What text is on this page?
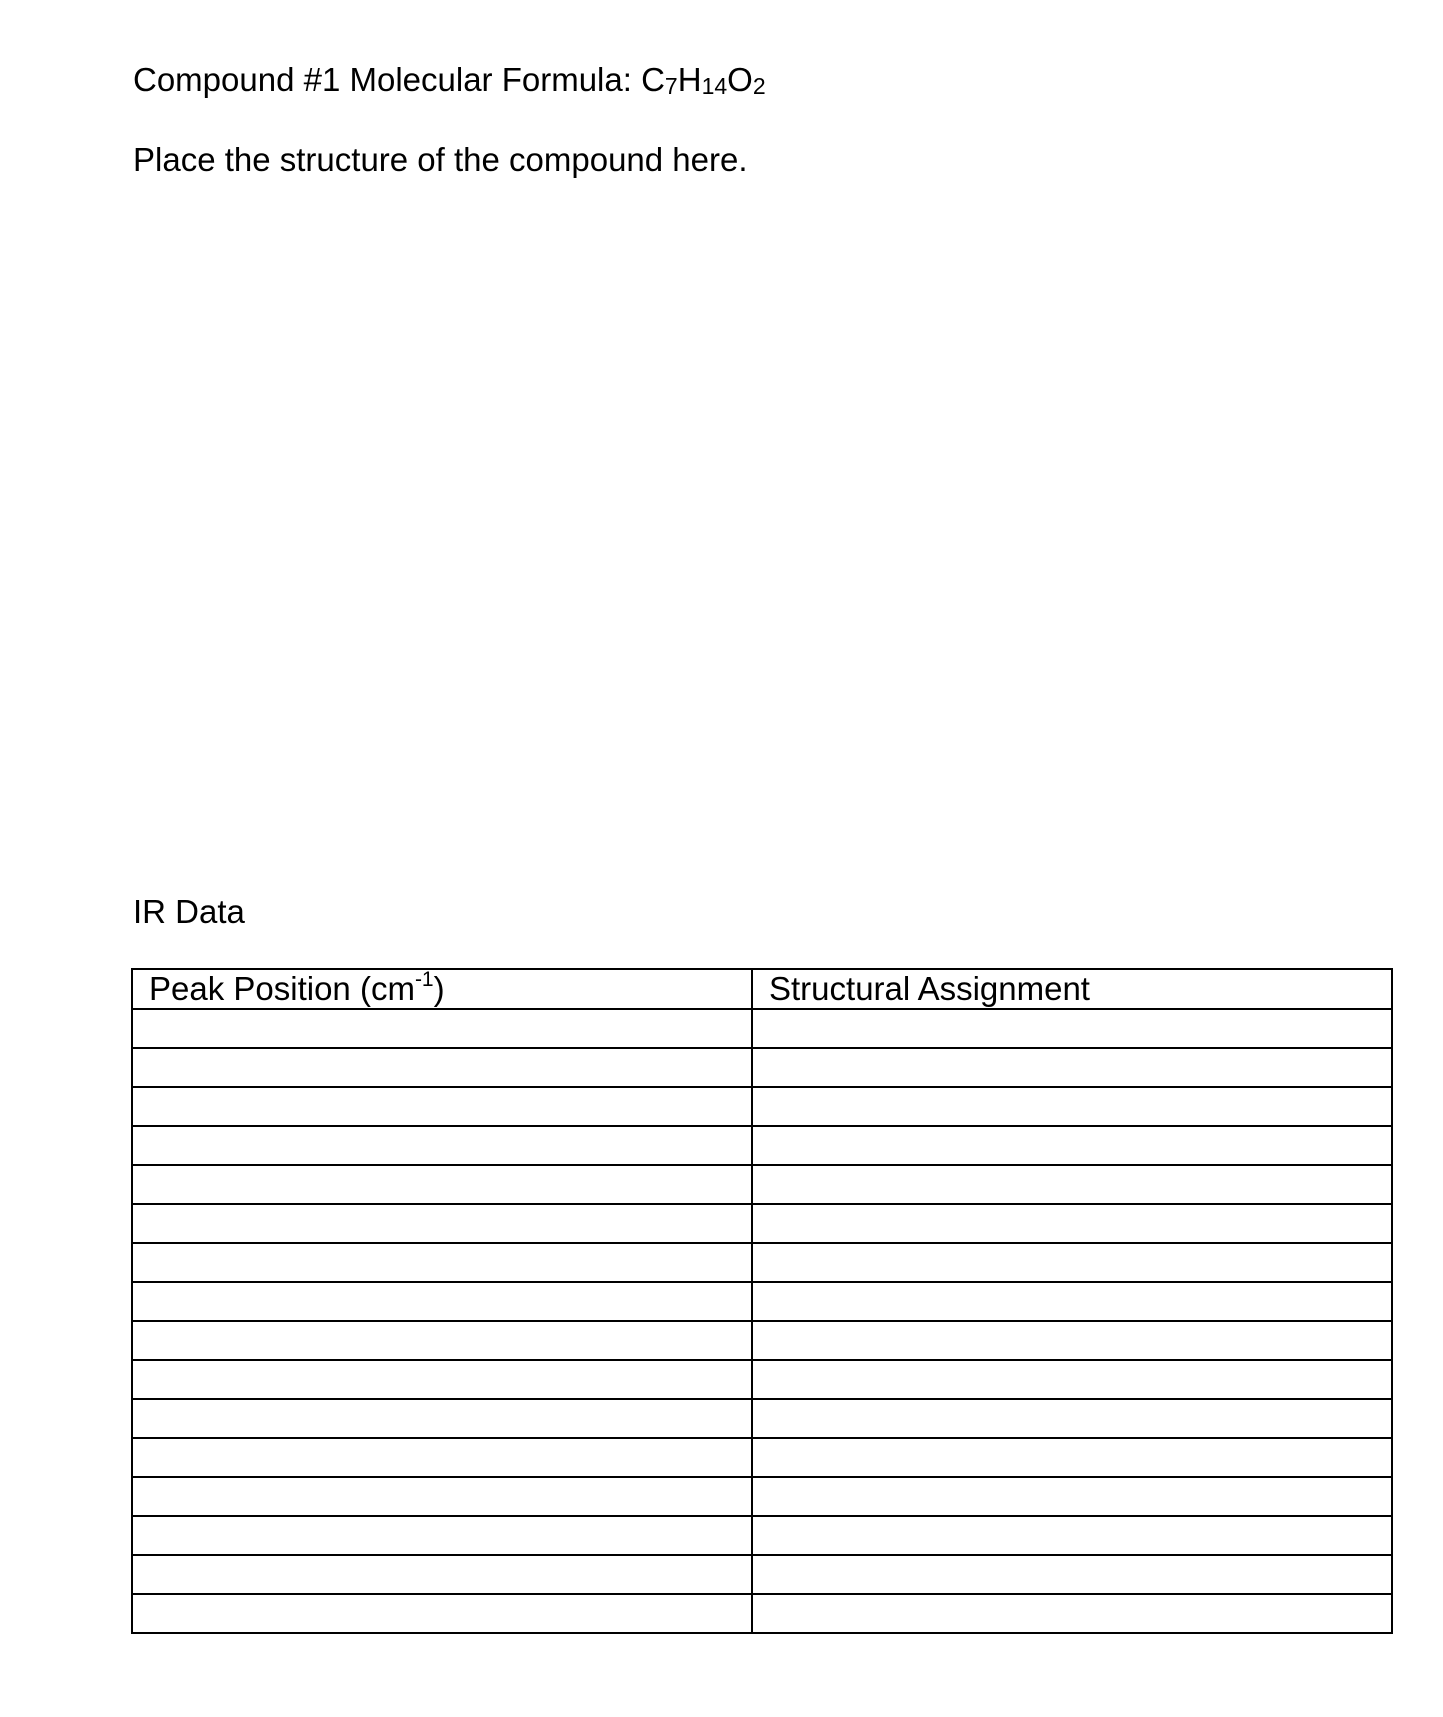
Compound #1 Molecular Formula: C7H14O2
Place the structure of the compound here.
IR Data
Peak Position $(cm^{-1})$	Structural Assignment
